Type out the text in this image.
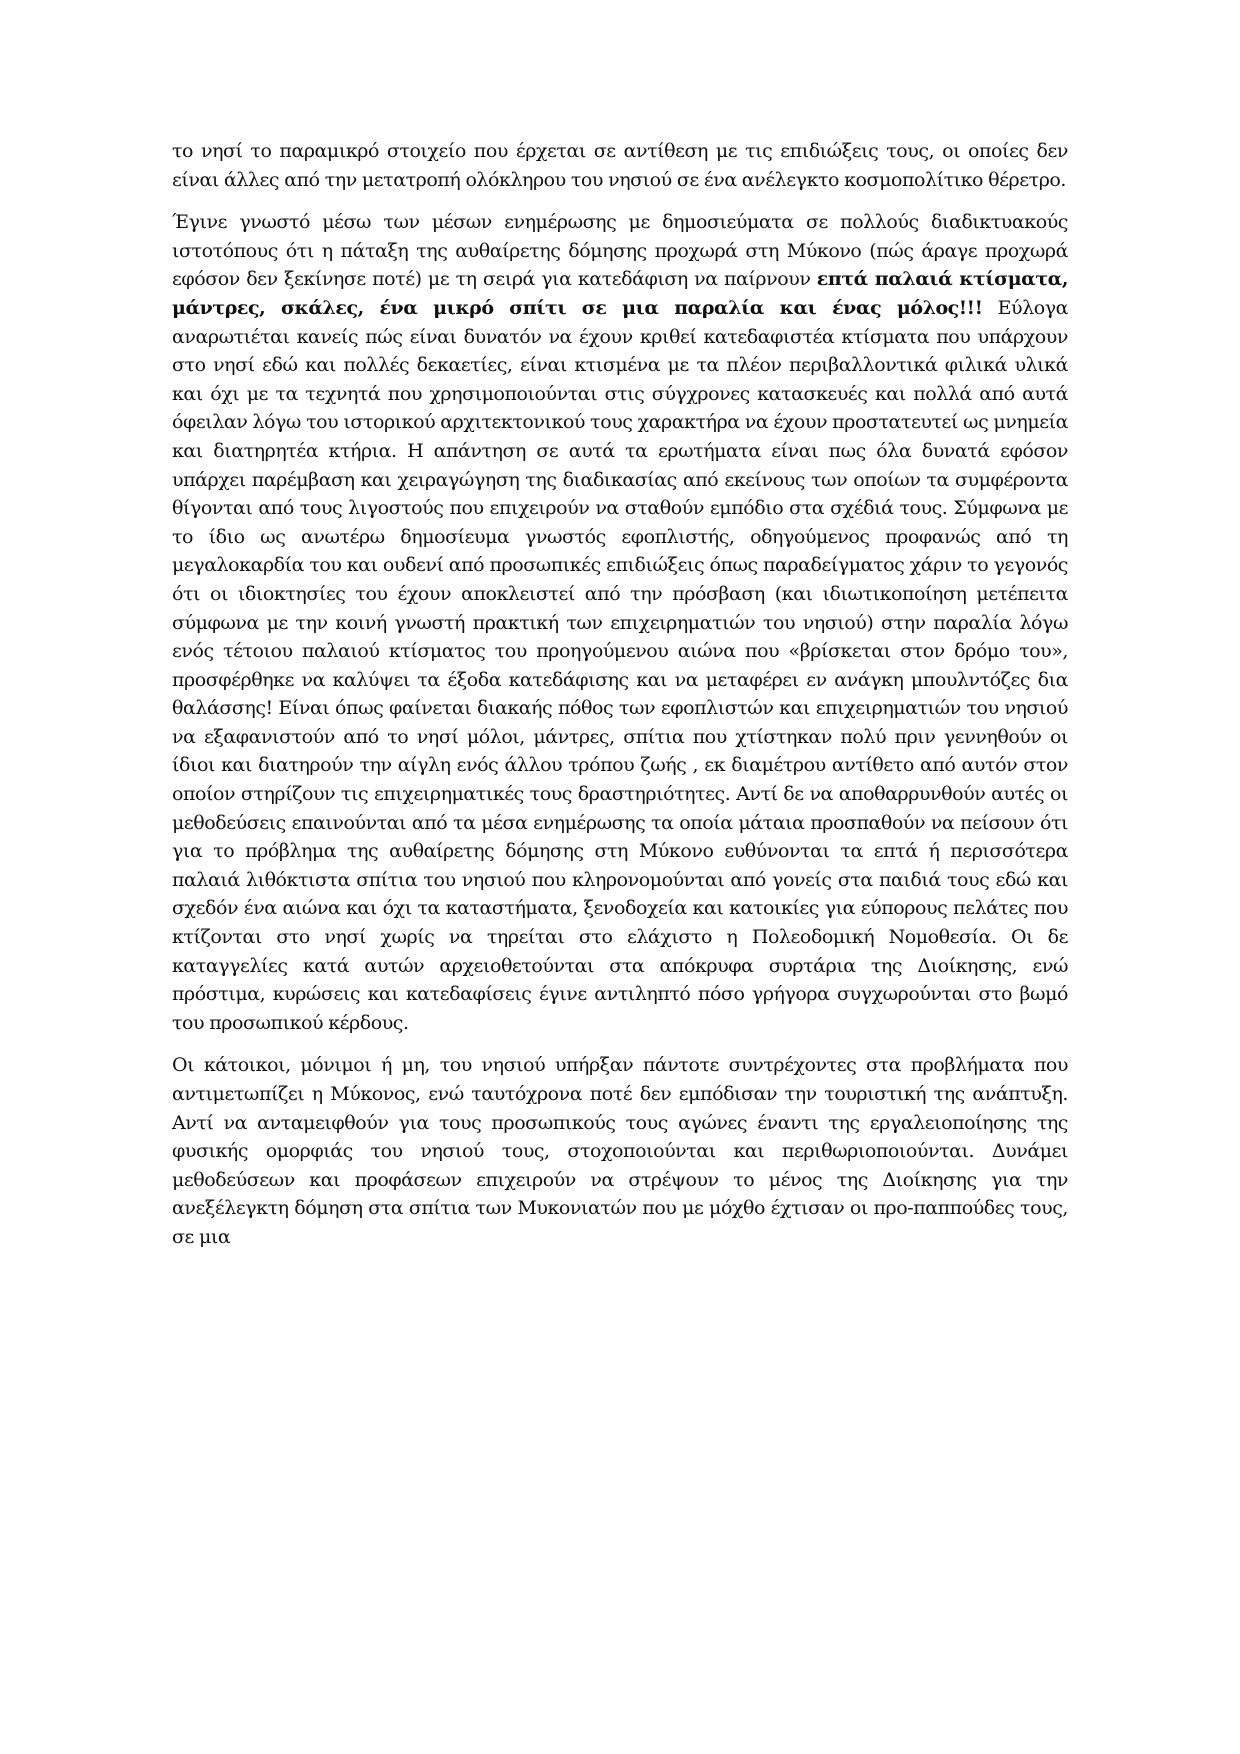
το νησί το παραμικρό στοιχείο που έρχεται σε αντίθεση με τις επιδιώξεις τους, οι οποίες δεν είναι άλλες από την μετατροπή ολόκληρου του νησιού σε ένα ανέλεγκτο κοσμοπολίτικο θέρετρο.

Έγινε γνωστό μέσω των μέσων ενημέρωσης με δημοσιεύματα σε πολλούς διαδικτυακούς ιστοτόπους ότι η πάταξη της αυθαίρετης δόμησης προχωρά στη Μύκονο (πώς άραγε προχωρά εφόσον δεν ξεκίνησε ποτέ) με τη σειρά για κατεδάφιση να παίρνουν επτά παλαιά κτίσματα, μάντρες, σκάλες, ένα μικρό σπίτι σε μια παραλία και ένας μόλος!!! Εύλογα αναρωτιέται κανείς πώς είναι δυνατόν να έχουν κριθεί κατεδαφιστέα κτίσματα που υπάρχουν στο νησί εδώ και πολλές δεκαετίες, είναι κτισμένα με τα πλέον περιβαλλοντικά φιλικά υλικά και όχι με τα τεχνητά που χρησιμοποιούνται στις σύγχρονες κατασκευές και πολλά από αυτά όφειλαν λόγω του ιστορικού αρχιτεκτονικού τους χαρακτήρα να έχουν προστατευτεί ως μνημεία και διατηρητέα κτήρια. Η απάντηση σε αυτά τα ερωτήματα είναι πως όλα δυνατά εφόσον υπάρχει παρέμβαση και χειραγώγηση της διαδικασίας από εκείνους των οποίων τα συμφέροντα θίγονται από τους λιγοστούς που επιχειρούν να σταθούν εμπόδιο στα σχέδιά τους. Σύμφωνα με το ίδιο ως ανωτέρω δημοσίευμα γνωστός εφοπλιστής, οδηγούμενος προφανώς από τη μεγαλοκαρδία του και ουδενί από προσωπικές επιδιώξεις όπως παραδείγματος χάριν το γεγονός ότι οι ιδιοκτησίες του έχουν αποκλειστεί από την πρόσβαση (και ιδιωτικοποίηση μετέπειτα σύμφωνα με την κοινή γνωστή πρακτική των επιχειρηματιών του νησιού) στην παραλία λόγω ενός τέτοιου παλαιού κτίσματος του προηγούμενου αιώνα που «βρίσκεται στον δρόμο του», προσφέρθηκε να καλύψει τα έξοδα κατεδάφισης και να μεταφέρει εν ανάγκη μπουλντόζες δια θαλάσσης! Είναι όπως φαίνεται διακαής πόθος των εφοπλιστών και επιχειρηματιών του νησιού να εξαφανιστούν από το νησί μόλοι, μάντρες, σπίτια που χτίστηκαν πολύ πριν γεννηθούν οι ίδιοι και διατηρούν την αίγλη ενός άλλου τρόπου ζωής , εκ διαμέτρου αντίθετο από αυτόν στον οποίον στηρίζουν τις επιχειρηματικές τους δραστηριότητες. Αντί δε να αποθαρρυνθούν αυτές οι μεθοδεύσεις επαινούνται από τα μέσα ενημέρωσης τα οποία μάταια προσπαθούν να πείσουν ότι για το πρόβλημα της αυθαίρετης δόμησης στη Μύκονο ευθύνονται τα επτά ή περισσότερα παλαιά λιθόκτιστα σπίτια του νησιού που κληρονομούνται από γονείς στα παιδιά τους εδώ και σχεδόν ένα αιώνα και όχι τα καταστήματα, ξενοδοχεία και κατοικίες για εύπορους πελάτες που κτίζονται στο νησί χωρίς να τηρείται στο ελάχιστο η Πολεοδομική Νομοθεσία. Οι δε καταγγελίες κατά αυτών αρχειοθετούνται στα απόκρυφα συρτάρια της Διοίκησης, ενώ πρόστιμα, κυρώσεις και κατεδαφίσεις έγινε αντιληπτό πόσο γρήγορα συγχωρούνται στο βωμό του προσωπικού κέρδους.

Οι κάτοικοι, μόνιμοι ή μη, του νησιού υπήρξαν πάντοτε συντρέχοντες στα προβλήματα που αντιμετωπίζει η Μύκονος, ενώ ταυτόχρονα ποτέ δεν εμπόδισαν την τουριστική της ανάπτυξη. Αντί να ανταμειφθούν για τους προσωπικούς τους αγώνες έναντι της εργαλειοποίησης της φυσικής ομορφιάς του νησιού τους, στοχοποιούνται και περιθωριοποιούνται. Δυνάμει μεθοδεύσεων και προφάσεων επιχειρούν να στρέψουν το μένος της Διοίκησης για την ανεξέλεγκτη δόμηση στα σπίτια των Μυκονιατών που με μόχθο έχτισαν οι προ-παππούδες τους, σε μια
